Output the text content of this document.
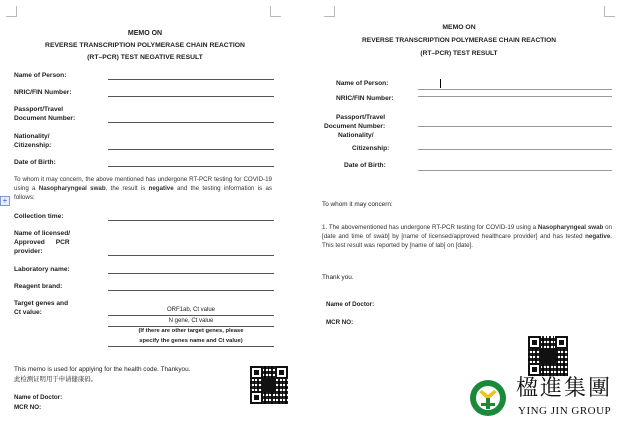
MEMO ON
REVERSE TRANSCRIPTION POLYMERASE CHAIN REACTION
(RT–PCR) TEST NEGATIVE RESULT
Name of Person:
NRIC/FIN Number:
Passport/Travel
Document Number:
Nationality/
Citizenship:
Date of Birth:
+
To whom it may concern, the above mentioned has undergone RT-PCR testing for COVID-19 using a Nasopharyngeal swab, the result is negative and the testing information is as follows:
Collection time:
Name of licensed/
Approved      PCR
provider:
Laboratory name:
Reagent brand:
Target genes and
Ct value:	ORF1ab, Ct value
N gene, Ct value
(If there are other target genes, please
specify the genes name and Ct value)
This memo is used for applying for the health code. Thankyou.
此检测证明用于申请健康码。
Name of Doctor:
MCR NO:
MEMO ON
REVERSE TRANSCRIPTION POLYMERASE CHAIN REACTION
(RT–PCR) TEST RESULT
Name of Person:
NRIC/FIN Number:
Passport/Travel
Document Number:
Nationality/
Citizenship:
Date of Birth:
To whom it may concern:
1. The abovementioned has undergone RT-PCR testing for COVID-19 using a Nasopharyngeal swab on [date and time of swab] by [name of licensed/approved healthcare provider] and has tested negative. This test result was reported by [name of lab] on [date].
Thank you.
Name of Doctor:
MCR NO:
楹進集團
YING JIN GROUP
